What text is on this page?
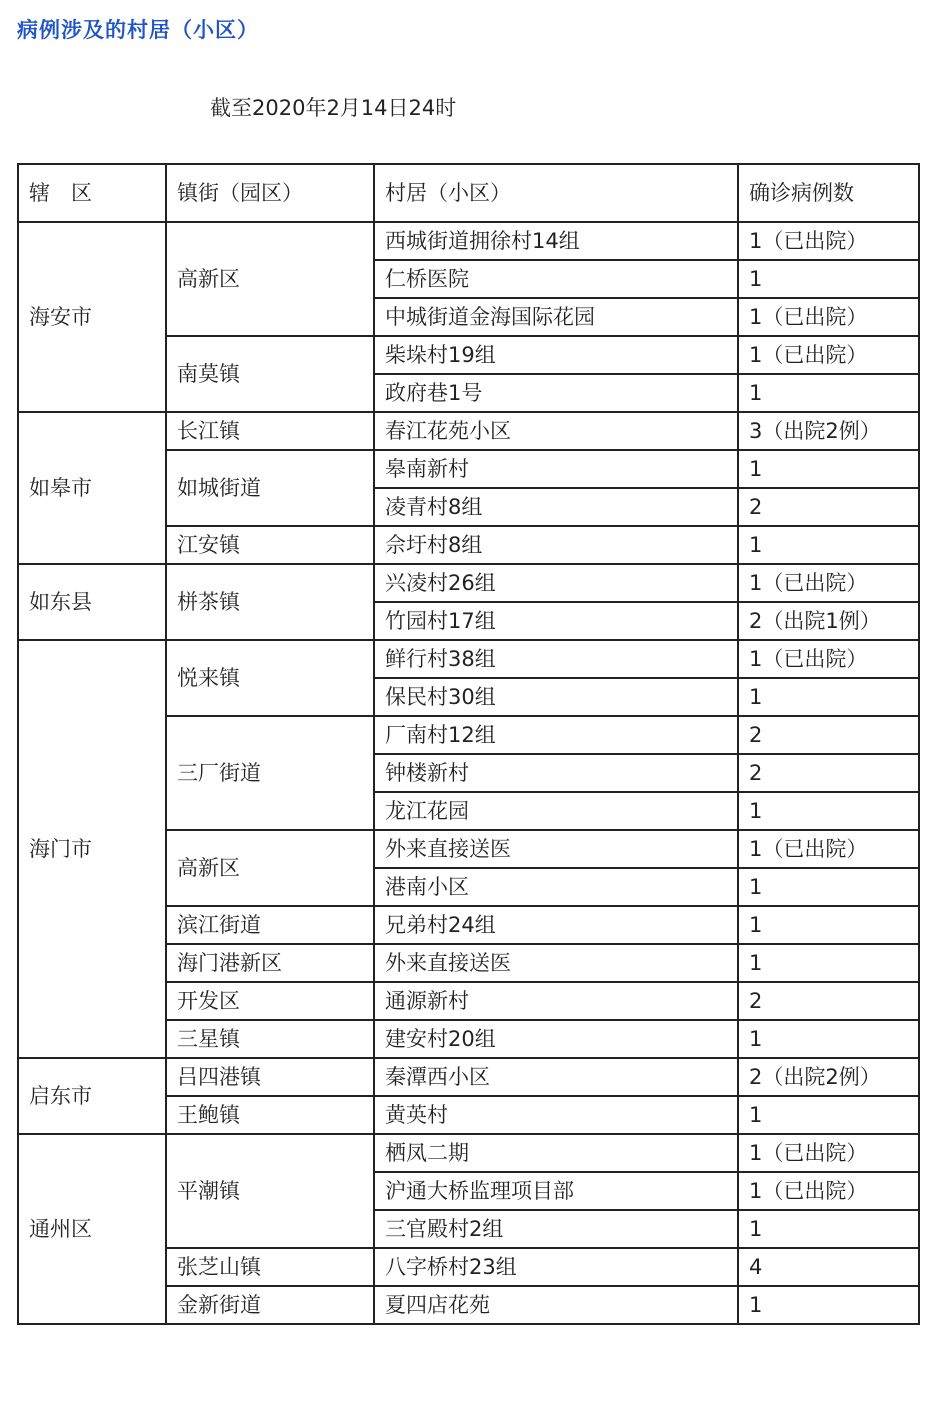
病例涉及的村居（小区）
截至2020年2月14日24时
辖　区	镇街（园区）	村居（小区）	确诊病例数
海安市	高新区	西城街道拥徐村14组	1（已出院）
		仁桥医院	1
		中城街道金海国际花园	1（已出院）
	南莫镇	柴垛村19组	1（已出院）
		政府巷1号	1
如皋市	长江镇	春江花苑小区	3（出院2例）
	如城街道	皋南新村	1
		凌青村8组	2
	江安镇	佘圩村8组	1
如东县	栟茶镇	兴凌村26组	1（已出院）
		竹园村17组	2（出院1例）
海门市	悦来镇	鲜行村38组	1（已出院）
		保民村30组	1
	三厂街道	厂南村12组	2
		钟楼新村	2
		龙江花园	1
	高新区	外来直接送医	1（已出院）
		港南小区	1
	滨江街道	兄弟村24组	1
	海门港新区	外来直接送医	1
	开发区	通源新村	2
	三星镇	建安村20组	1
启东市	吕四港镇	秦潭西小区	2（出院2例）
	王鲍镇	黄英村	1
通州区	平潮镇	栖凤二期	1（已出院）
		沪通大桥监理项目部	1（已出院）
		三官殿村2组	1
	张芝山镇	八字桥村23组	4
	金新街道	夏四店花苑	1
